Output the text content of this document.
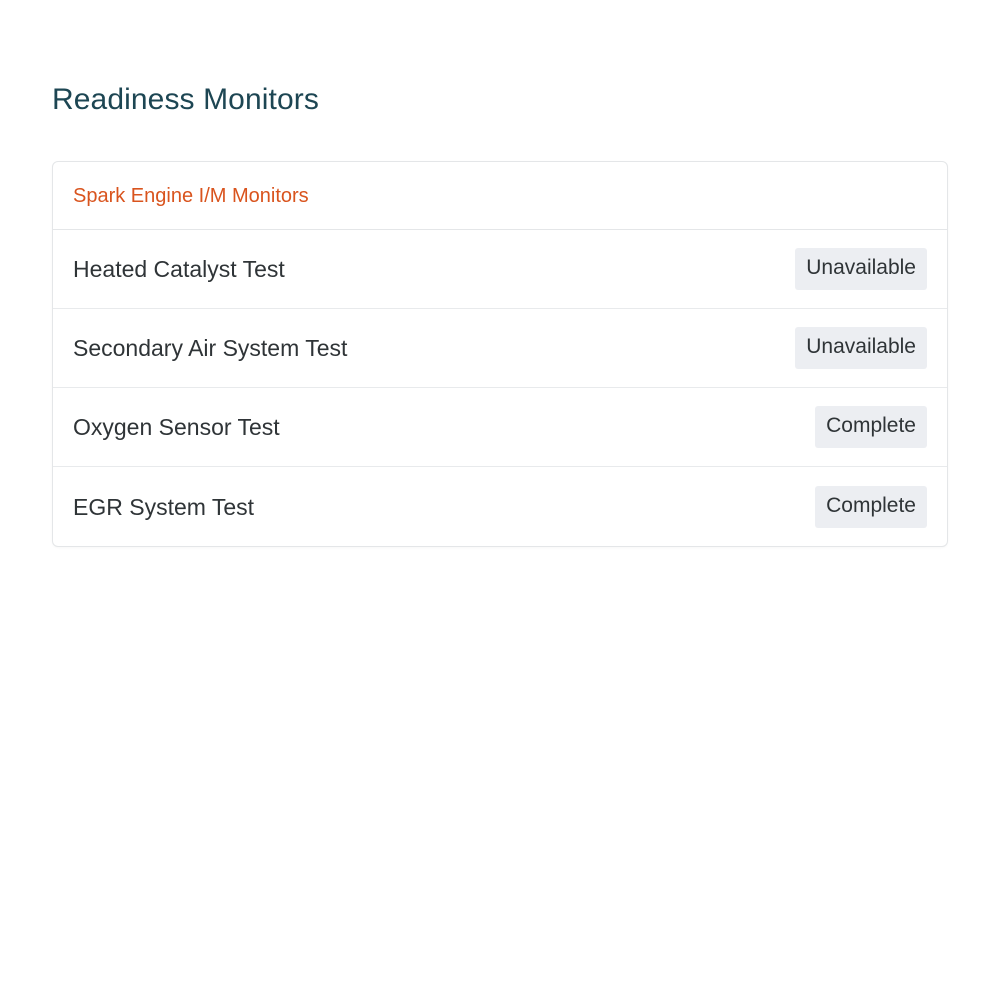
Readiness Monitors
Spark Engine I/M Monitors
Heated Catalyst Test	Unavailable
Secondary Air System Test	Unavailable
Oxygen Sensor Test	Complete
EGR System Test	Complete
